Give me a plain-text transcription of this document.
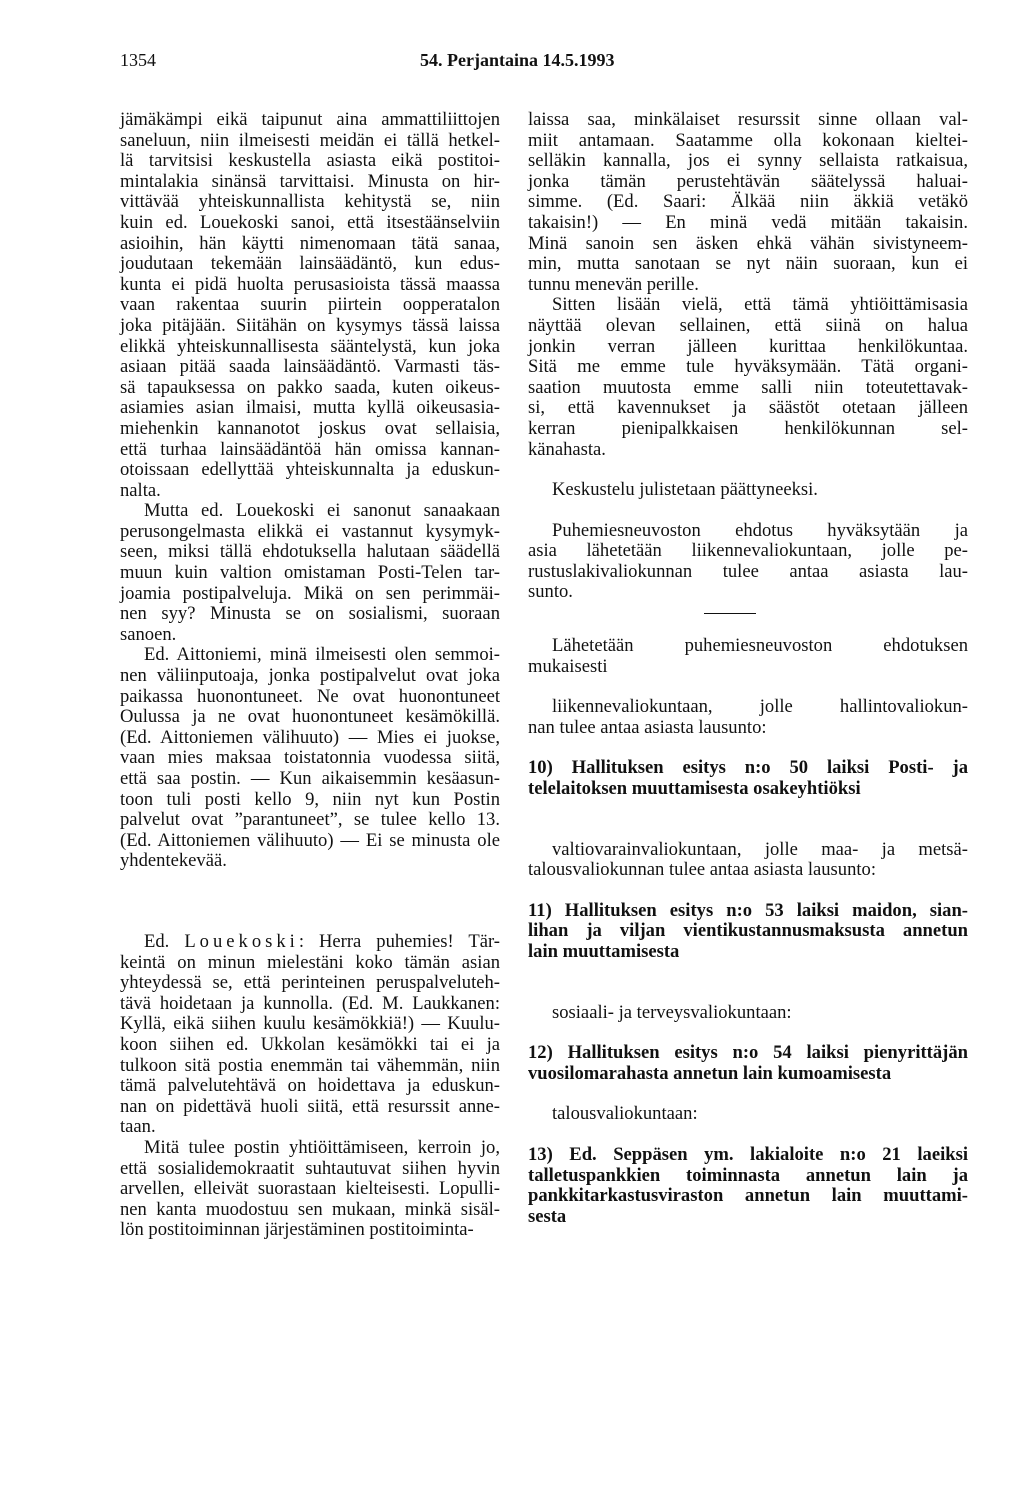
1354	54. Perjantaina 14.5.1993
jämäkämpi eikä taipunut aina ammattiliittojen
saneluun, niin ilmeisesti meidän ei tällä hetkel-
lä tarvitsisi keskustella asiasta eikä postitoi-
mintalakia sinänsä tarvittaisi. Minusta on hir-
vittävää yhteiskunnallista kehitystä se, niin
kuin ed. Louekoski sanoi, että itsestäänselviin
asioihin, hän käytti nimenomaan tätä sanaa,
joudutaan tekemään lainsäädäntö, kun edus-
kunta ei pidä huolta perusasioista tässä maassa
vaan rakentaa suurin piirtein oopperatalon
joka pitäjään. Siitähän on kysymys tässä laissa
elikkä yhteiskunnallisesta sääntelystä, kun joka
asiaan pitää saada lainsäädäntö. Varmasti täs-
sä tapauksessa on pakko saada, kuten oikeus-
asiamies asian ilmaisi, mutta kyllä oikeusasia-
miehenkin kannanotot joskus ovat sellaisia,
että turhaa lainsäädäntöä hän omissa kannan-
otoissaan edellyttää yhteiskunnalta ja eduskun-
nalta.
Mutta ed. Louekoski ei sanonut sanaakaan
perusongelmasta elikkä ei vastannut kysymyk-
seen, miksi tällä ehdotuksella halutaan säädellä
muun kuin valtion omistaman Posti-Telen tar-
joamia postipalveluja. Mikä on sen perimmäi-
nen syy? Minusta se on sosialismi, suoraan
sanoen.
Ed. Aittoniemi, minä ilmeisesti olen semmoi-
nen väliinputoaja, jonka postipalvelut ovat joka
paikassa huonontuneet. Ne ovat huonontuneet
Oulussa ja ne ovat huonontuneet kesämökillä.
(Ed. Aittoniemen välihuuto) — Mies ei juokse,
vaan mies maksaa toistatonnia vuodessa siitä,
että saa postin. — Kun aikaisemmin kesäasun-
toon tuli posti kello 9, niin nyt kun Postin
palvelut ovat ”parantuneet”, se tulee kello 13.
(Ed. Aittoniemen välihuuto) — Ei se minusta ole
yhdentekevää.
Ed. Louekoski: Herra puhemies! Tär-
keintä on minun mielestäni koko tämän asian
yhteydessä se, että perinteinen peruspalveluteh-
tävä hoidetaan ja kunnolla. (Ed. M. Laukkanen:
Kyllä, eikä siihen kuulu kesämökkiä!) — Kuulu-
koon siihen ed. Ukkolan kesämökki tai ei ja
tulkoon sitä postia enemmän tai vähemmän, niin
tämä palvelutehtävä on hoidettava ja eduskun-
nan on pidettävä huoli siitä, että resurssit anne-
taan.
Mitä tulee postin yhtiöittämiseen, kerroin jo,
että sosialidemokraatit suhtautuvat siihen hyvin
arvellen, elleivät suorastaan kielteisesti. Lopulli-
nen kanta muodostuu sen mukaan, minkä sisäl-
lön postitoiminnan järjestäminen postitoiminta-
laissa saa, minkälaiset resurssit sinne ollaan val-
miit antamaan. Saatamme olla kokonaan kieltei-
selläkin kannalla, jos ei synny sellaista ratkaisua,
jonka tämän perustehtävän säätelyssä haluai-
simme. (Ed. Saari: Älkää niin äkkiä vetäkö
takaisin!) — En minä vedä mitään takaisin.
Minä sanoin sen äsken ehkä vähän sivistyneem-
min, mutta sanotaan se nyt näin suoraan, kun ei
tunnu menevän perille.
Sitten lisään vielä, että tämä yhtiöittämisasia
näyttää olevan sellainen, että siinä on halua
jonkin verran jälleen kurittaa henkilökuntaa.
Sitä me emme tule hyväksymään. Tätä organi-
saation muutosta emme salli niin toteutettavak-
si, että kavennukset ja säästöt otetaan jälleen
kerran pienipalkkaisen henkilökunnan sel-
känahasta.
Keskustelu julistetaan päättyneeksi.
Puhemiesneuvoston ehdotus hyväksytään ja
asia lähetetään liikennevaliokuntaan, jolle pe-
rustuslakivaliokunnan tulee antaa asiasta lau-
sunto.
Lähetetään puhemiesneuvoston ehdotuksen
mukaisesti
liikennevaliokuntaan, jolle hallintovaliokun-
nan tulee antaa asiasta lausunto:
10) Hallituksen esitys n:o 50 laiksi Posti- ja
telelaitoksen muuttamisesta osakeyhtiöksi
valtiovarainvaliokuntaan, jolle maa- ja metsä-
talousvaliokunnan tulee antaa asiasta lausunto:
11) Hallituksen esitys n:o 53 laiksi maidon, sian-
lihan ja viljan vientikustannusmaksusta annetun
lain muuttamisesta
sosiaali- ja terveysvaliokuntaan:
12) Hallituksen esitys n:o 54 laiksi pienyrittäjän
vuosilomarahasta annetun lain kumoamisesta
talousvaliokuntaan:
13) Ed. Seppäsen ym. lakialoite n:o 21 laeiksi
talletuspankkien toiminnasta annetun lain ja
pankkitarkastusviraston annetun lain muuttami-
sesta
